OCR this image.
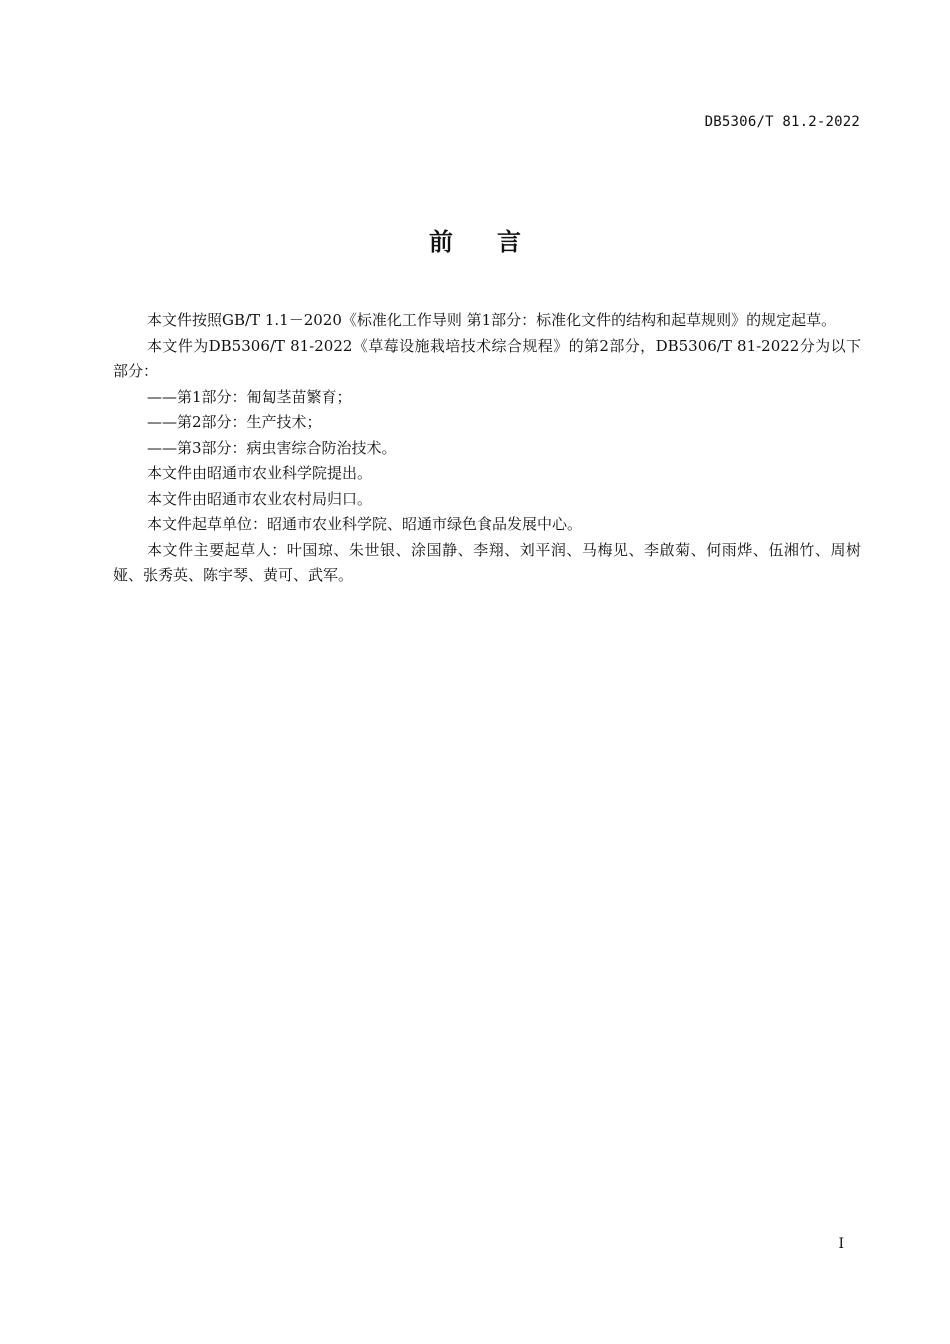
DB5306/T 81.2-2022
前言

本文件按照GB/T 1.1－2020《标准化工作导则 第1部分：标准化文件的结构和起草规则》的规定起草。

本文件为DB5306/T 81-2022《草莓设施栽培技术综合规程》的第2部分，DB5306/T 81-2022分为以下部分：

——第1部分：匍匐茎苗繁育；

——第2部分：生产技术；

——第3部分：病虫害综合防治技术。

本文件由昭通市农业科学院提出。

本文件由昭通市农业农村局归口。

本文件起草单位：昭通市农业科学院、昭通市绿色食品发展中心。

本文件主要起草人：叶国琼、朱世银、涂国静、李翔、刘平润、马梅见、李啟菊、何雨烨、伍湘竹、周树娅、张秀英、陈宇琴、黄可、武军。

I
